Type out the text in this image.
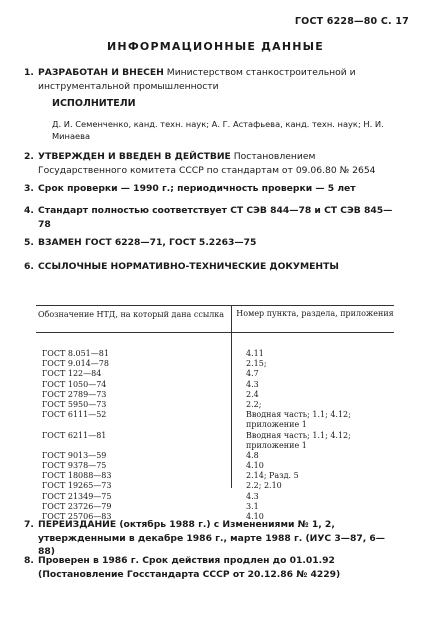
ГОСТ 6228—80 С. 17
ИНФОРМАЦИОННЫЕ ДАННЫЕ
1. РАЗРАБОТАН И ВНЕСЕН Министерством станкостроительной и инструментальной промышленности
ИСПОЛНИТЕЛИ
Д. И. Семенченко, канд. техн. наук; А. Г. Астафьева, канд. техн. наук; Н. И. Минаева
2. УТВЕРЖДЕН И ВВЕДЕН В ДЕЙСТВИЕ Постановлением Государственного комитета СССР по стандартам от 09.06.80 № 2654
3. Срок проверки — 1990 г.; периодичность проверки — 5 лет
4. Стандарт полностью соответствует СТ СЭВ 844—78 и СТ СЭВ 845—78
5. ВЗАМЕН ГОСТ 6228—71, ГОСТ 5.2263—75
6. ССЫЛОЧНЫЕ НОРМАТИВНО-ТЕХНИЧЕСКИЕ ДОКУМЕНТЫ
Обозначение НТД, на который дана ссылка Номер пункта, раздела, приложения
ГОСТ 8.051—81
ГОСТ 9.014—78
ГОСТ 122—84
ГОСТ 1050—74
ГОСТ 2789—73
ГОСТ 5950—73
ГОСТ 6111—52
ГОСТ 6211—81
ГОСТ 9013—59
ГОСТ 9378—75
ГОСТ 18088—83
ГОСТ 19265—73
ГОСТ 21349—75
ГОСТ 23726—79
ГОСТ 25706—83
4.11
2.15;
4.7
4.3
2.4
2.2;
Вводная часть; 1.1; 4.12; приложение 1
Вводная часть; 1.1; 4.12; приложение 1
4.8
4.10
2.14; Разд. 5
2.2; 2.10
4.3
3.1
4.10
7. ПЕРЕИЗДАНИЕ (октябрь 1988 г.) с Изменениями № 1, 2, утвержденными в декабре 1986 г., марте 1988 г. (ИУС 3—87, 6—88)
8. Проверен в 1986 г. Срок действия продлен до 01.01.92 (Постановление Госстандарта СССР от 20.12.86 № 4229)
